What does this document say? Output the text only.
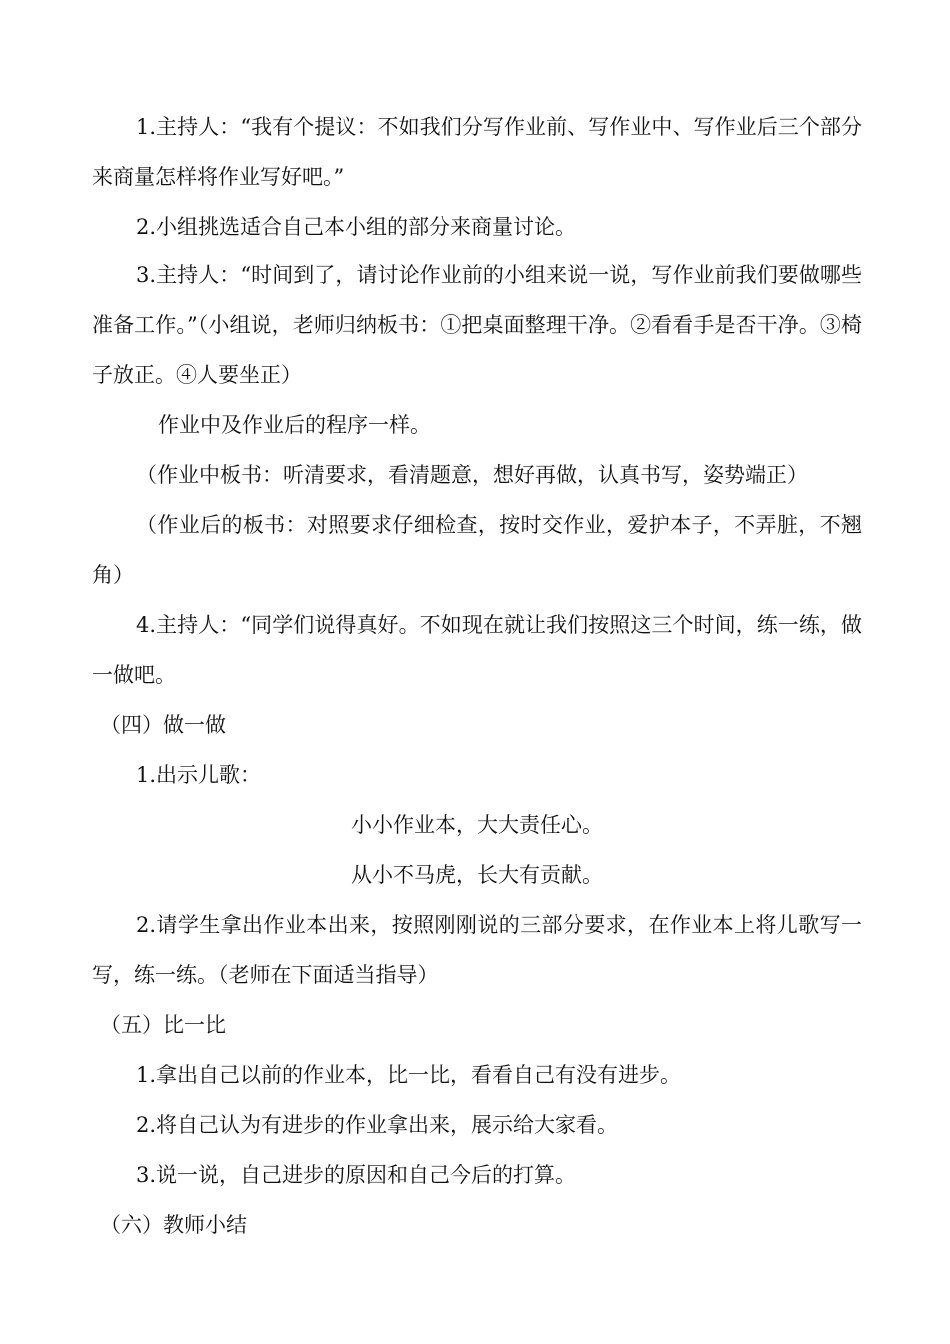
1.主持人：“我有个提议：不如我们分写作业前、写作业中、写作业后三个部分来商量怎样将作业写好吧。”

2.小组挑选适合自己本小组的部分来商量讨论。

3.主持人：“时间到了，请讨论作业前的小组来说一说，写作业前我们要做哪些准备工作。”（小组说，老师归纳板书：①把桌面整理干净。②看看手是否干净。③椅子放正。④人要坐正）

作业中及作业后的程序一样。

（作业中板书：听清要求，看清题意，想好再做，认真书写，姿势端正）

（作业后的板书：对照要求仔细检查，按时交作业，爱护本子，不弄脏，不翘角）

4.主持人：“同学们说得真好。不如现在就让我们按照这三个时间，练一练，做一做吧。

（四）做一做

1.出示儿歌：

小小作业本，大大责任心。

从小不马虎，长大有贡献。

2.请学生拿出作业本出来，按照刚刚说的三部分要求，在作业本上将儿歌写一写，练一练。（老师在下面适当指导）

（五）比一比

1.拿出自己以前的作业本，比一比，看看自己有没有进步。

2.将自己认为有进步的作业拿出来，展示给大家看。

3.说一说，自己进步的原因和自己今后的打算。

（六）教师小结
